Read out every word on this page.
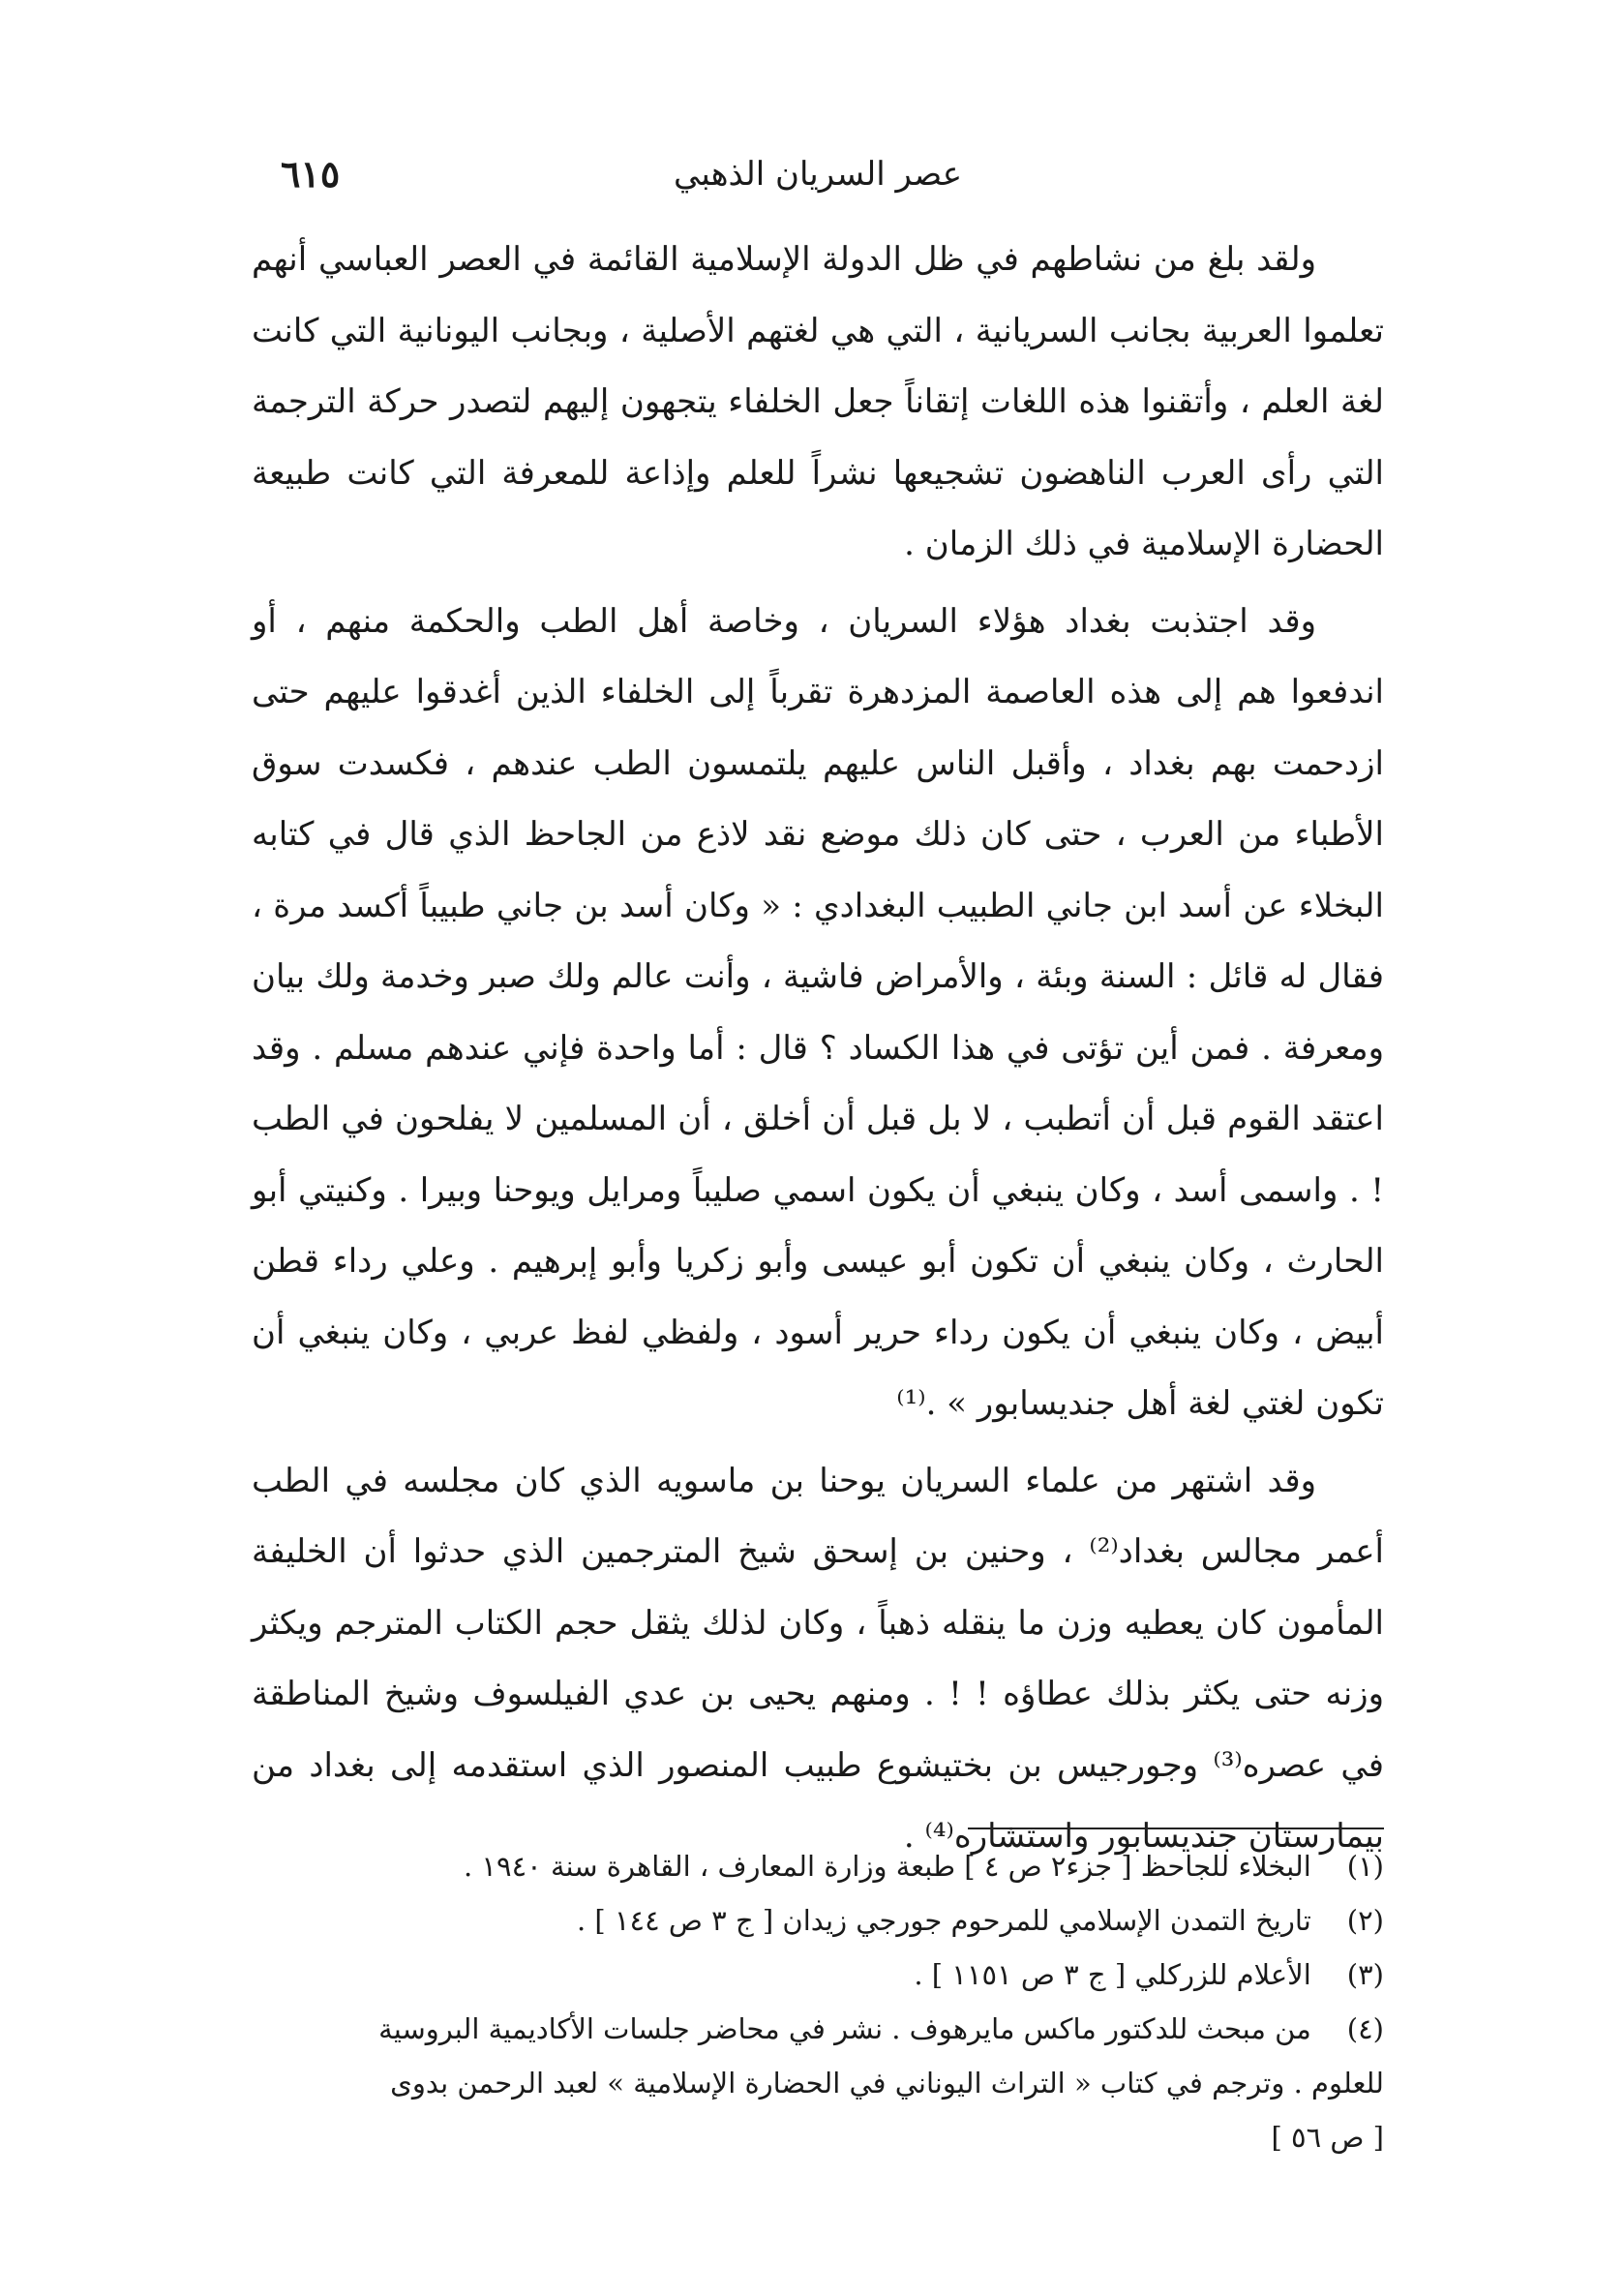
عصر السريان الذهبي
٦١٥

ولقد بلغ من نشاطهم في ظل الدولة الإسلامية القائمة في العصر العباسي أنهم تعلموا العربية بجانب السريانية ، التي هي لغتهم الأصلية ، وبجانب اليونانية التي كانت لغة العلم ، وأتقنوا هذه اللغات إتقاناً جعل الخلفاء يتجهون إليهم لتصدر حركة الترجمة التي رأى العرب الناهضون تشجيعها نشراً للعلم وإذاعة للمعرفة التي كانت طبيعة الحضارة الإسلامية في ذلك الزمان .

وقد اجتذبت بغداد هؤلاء السريان ، وخاصة أهل الطب والحكمة منهم ، أو اندفعوا هم إلى هذه العاصمة المزدهرة تقرباً إلى الخلفاء الذين أغدقوا عليهم حتى ازدحمت بهم بغداد ، وأقبل الناس عليهم يلتمسون الطب عندهم ، فكسدت سوق الأطباء من العرب ، حتى كان ذلك موضع نقد لاذع من الجاحظ الذي قال في كتابه البخلاء عن أسد ابن جاني الطبيب البغدادي : « وكان أسد بن جاني طبيباً أكسد مرة ، فقال له قائل : السنة وبئة ، والأمراض فاشية ، وأنت عالم ولك صبر وخدمة ولك بيان ومعرفة . فمن أين تؤتى في هذا الكساد ؟ قال : أما واحدة فإني عندهم مسلم . وقد اعتقد القوم قبل أن أتطبب ، لا بل قبل أن أخلق ، أن المسلمين لا يفلحون في الطب ! . واسمى أسد ، وكان ينبغي أن يكون اسمي صليباً ومرايل ويوحنا وبيرا . وكنيتي أبو الحارث ، وكان ينبغي أن تكون أبو عيسى وأبو زكريا وأبو إبرهيم . وعلي رداء قطن أبيض ، وكان ينبغي أن يكون رداء حرير أسود ، ولفظي لفظ عربي ، وكان ينبغي أن تكون لغتي لغة أهل جنديسابور » .⁽¹⁾

وقد اشتهر من علماء السريان يوحنا بن ماسويه الذي كان مجلسه في الطب أعمر مجالس بغداد⁽²⁾ ، وحنين بن إسحق شيخ المترجمين الذي حدثوا أن الخليفة المأمون كان يعطيه وزن ما ينقله ذهباً ، وكان لذلك يثقل حجم الكتاب المترجم ويكثر وزنه حتى يكثر بذلك عطاؤه ! ! . ومنهم يحيى بن عدي الفيلسوف وشيخ المناطقة في عصره⁽³⁾ وجورجيس بن بختيشوع طبيب المنصور الذي استقدمه إلى بغداد من بيمارستان جنديسابور واستشاره⁽⁴⁾ .

(١) البخلاء للجاحظ [ جزء٢ ص ٤ ] طبعة وزارة المعارف ، القاهرة سنة ١٩٤٠ .

(٢) تاريخ التمدن الإسلامي للمرحوم جورجي زيدان [ ج ٣ ص ١٤٤ ] .

(٣) الأعلام للزركلي [ ج ٣ ص ١١٥١ ] .

(٤) من مبحث للدكتور ماكس مايرهوف . نشر في محاضر جلسات الأكاديمية البروسية

للعلوم . وترجم في كتاب « التراث اليوناني في الحضارة الإسلامية » لعبد الرحمن بدوى

[ ص ٥٦ ]
